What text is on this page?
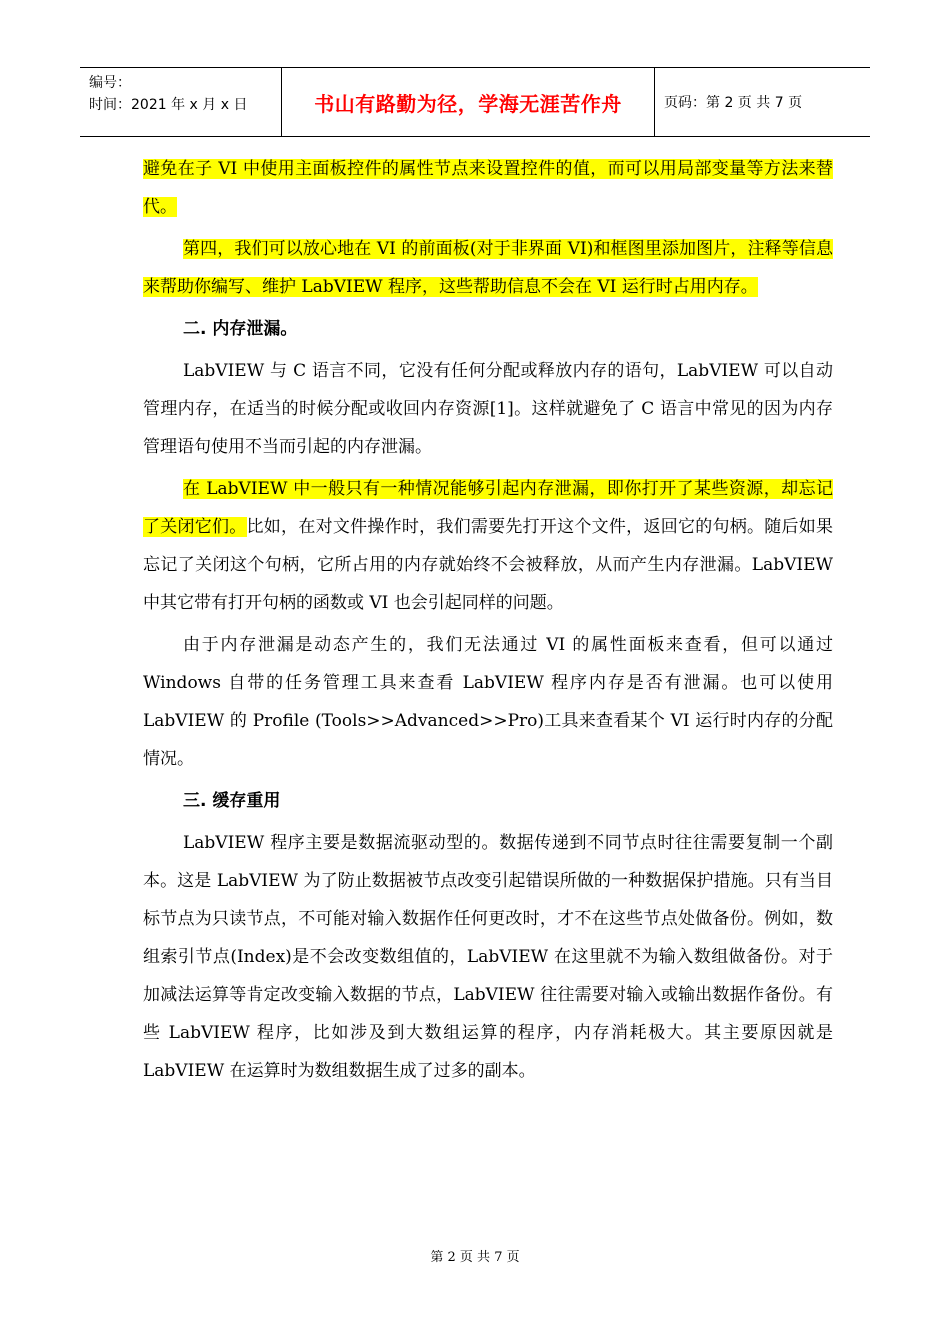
编号：
时间：2021 年 x 月 x 日	书山有路勤为径，学海无涯苦作舟	页码：第 2 页 共 7 页

避免在子 VI 中使用主面板控件的属性节点来设置控件的值，而可以用局部变量等方法来替代。

第四，我们可以放心地在 VI 的前面板(对于非界面 VI)和框图里添加图片，注释等信息来帮助你编写、维护 LabVIEW 程序，这些帮助信息不会在 VI 运行时占用内存。

二. 内存泄漏。

LabVIEW 与 C 语言不同，它没有任何分配或释放内存的语句，LabVIEW 可以自动管理内存，在适当的时候分配或收回内存资源[1]。这样就避免了 C 语言中常见的因为内存管理语句使用不当而引起的内存泄漏。

在 LabVIEW 中一般只有一种情况能够引起内存泄漏，即你打开了某些资源，却忘记了关闭它们。比如，在对文件操作时，我们需要先打开这个文件，返回它的句柄。随后如果忘记了关闭这个句柄，它所占用的内存就始终不会被释放，从而产生内存泄漏。LabVIEW 中其它带有打开句柄的函数或 VI 也会引起同样的问题。

由于内存泄漏是动态产生的，我们无法通过 VI 的属性面板来查看，但可以通过 Windows 自带的任务管理工具来查看 LabVIEW 程序内存是否有泄漏。也可以使用 LabVIEW 的 Profile (Tools>>Advanced>>Pro)工具来查看某个 VI 运行时内存的分配情况。

三. 缓存重用

LabVIEW 程序主要是数据流驱动型的。数据传递到不同节点时往往需要复制一个副本。这是 LabVIEW 为了防止数据被节点改变引起错误所做的一种数据保护措施。只有当目标节点为只读节点，不可能对输入数据作任何更改时，才不在这些节点处做备份。例如，数组索引节点(Index)是不会改变数组值的，LabVIEW 在这里就不为输入数组做备份。对于加减法运算等肯定改变输入数据的节点，LabVIEW 往往需要对输入或输出数据作备份。有些 LabVIEW 程序，比如涉及到大数组运算的程序，内存消耗极大。其主要原因就是 LabVIEW 在运算时为数组数据生成了过多的副本。

第 2 页 共 7 页
